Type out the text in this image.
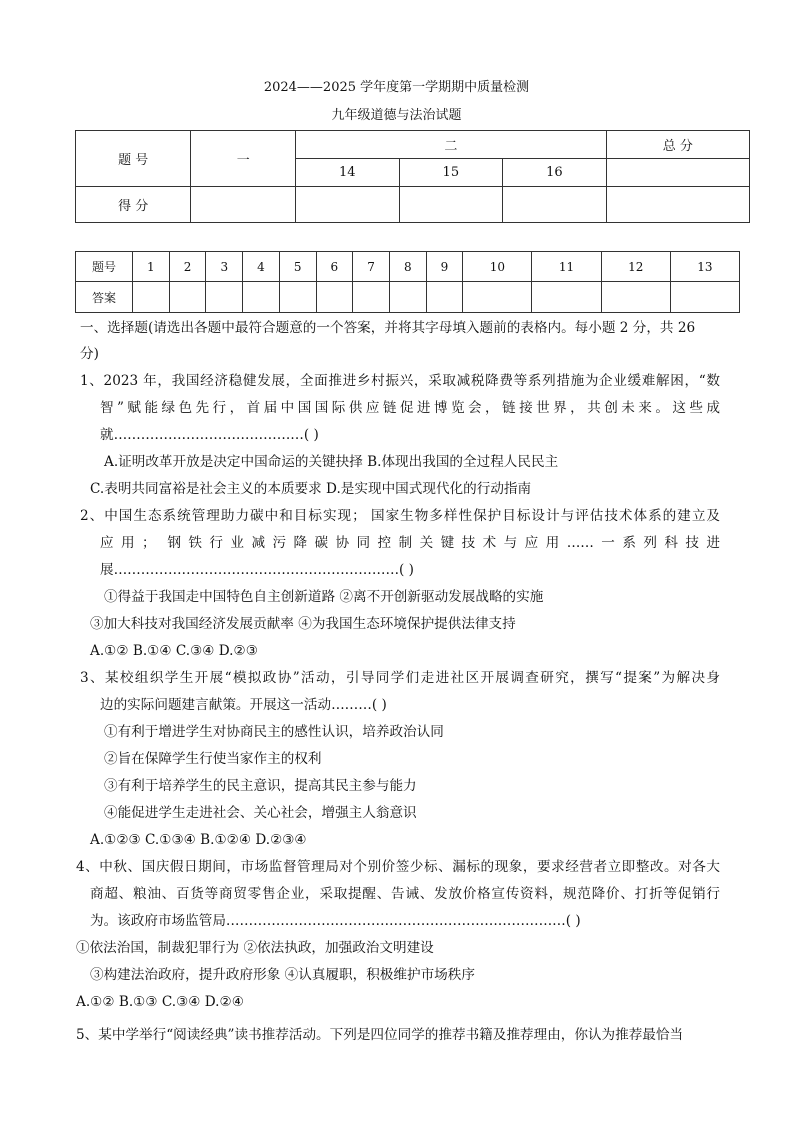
2024——2025 学年度第一学期期中质量检测
九年级道德与法治试题
题 号	一	二			总 分
		14	15	16	
得 分					
题号	1	2	3	4	5	6	7	8	9	10	11	12	13
答案													
一、选择题(请选出各题中最符合题意的一个答案，并将其字母填入题前的表格内。每小题 2 分，共 26
分)
1、2023 年，我国经济稳健发展，全面推进乡村振兴，采取减税降费等系列措施为企业缓难解困，“数
智”赋能绿色先行，首届中国国际供应链促进博览会，链接世界，共创未来。这些成
就……………………………………( )
A.证明改革开放是决定中国命运的关键抉择 B.体现出我国的全过程人民民主
C.表明共同富裕是社会主义的本质要求 D.是实现中国式现代化的行动指南
2、中国生态系统管理助力碳中和目标实现； 国家生物多样性保护目标设计与评估技术体系的建立及
应用； 钢铁行业减污降碳协同控制关键技术与应用……一系列科技进
展………………………………………………………( )
①得益于我国走中国特色自主创新道路 ②离不开创新驱动发展战略的实施
③加大科技对我国经济发展贡献率 ④为我国生态环境保护提供法律支持
A.①② B.①④ C.③④ D.②③
3、某校组织学生开展“模拟政协”活动，引导同学们走进社区开展调查研究，撰写“提案”为解决身
边的实际问题建言献策。开展这一活动………( )
①有利于增进学生对协商民主的感性认识，培养政治认同
②旨在保障学生行使当家作主的权利
③有利于培养学生的民主意识，提高其民主参与能力
④能促进学生走进社会、关心社会，增强主人翁意识
A.①②③ C.①③④ B.①②④ D.②③④
4、中秋、国庆假日期间，市场监督管理局对个别价签少标、漏标的现象，要求经营者立即整改。对各大
商超、粮油、百货等商贸零售企业，采取提醒、告诫、发放价格宣传资料，规范降价、打折等促销行
为。该政府市场监管局…………………………………………………………………( )
①依法治国，制裁犯罪行为 ②依法执政，加强政治文明建设
③构建法治政府，提升政府形象 ④认真履职，积极维护市场秩序
A.①② B.①③ C.③④ D.②④
5、某中学举行“阅读经典”读书推荐活动。下列是四位同学的推荐书籍及推荐理由，你认为推荐最恰当
